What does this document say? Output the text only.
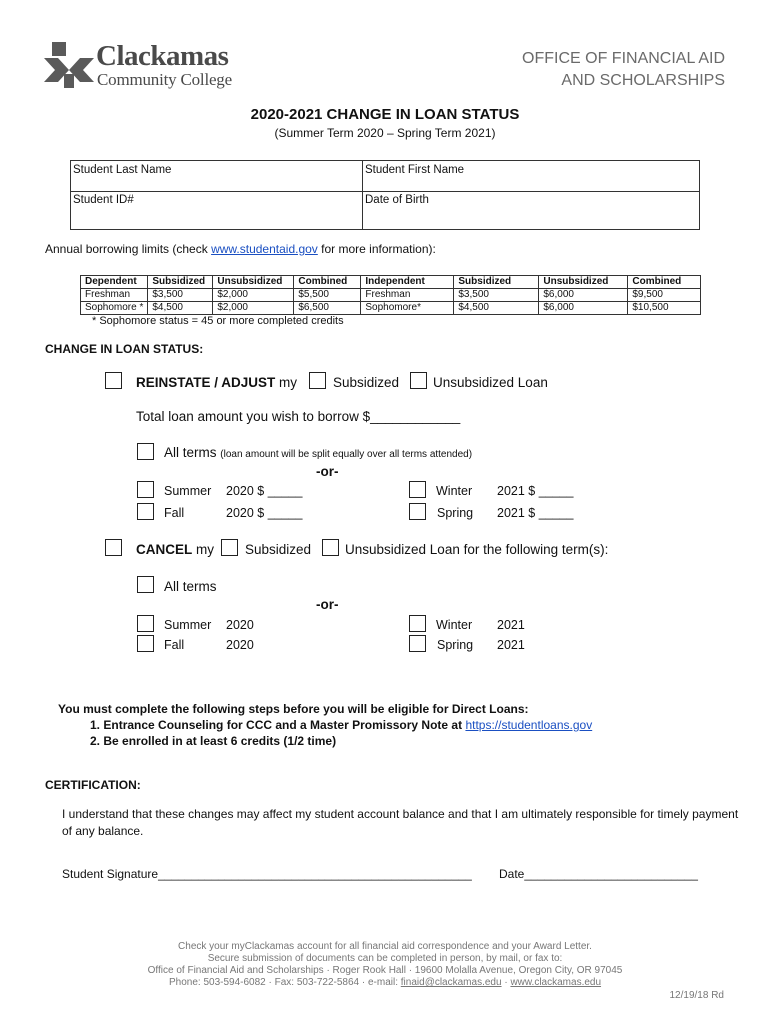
Clackamas
Community College
OFFICE OF FINANCIAL AID
AND SCHOLARSHIPS
2020-2021 CHANGE IN LOAN STATUS
(Summer Term 2020 – Spring Term 2021)
Student Last Name	Student First Name
Student ID#	Date of Birth
Annual borrowing limits (check www.studentaid.gov for more information):
Dependent	Subsidized	Unsubsidized	Combined	Independent	Subsidized	Unsubsidized	Combined
Freshman	$3,500	$2,000	$5,500	Freshman	$3,500	$6,000	$9,500
Sophomore *	$4,500	$2,000	$6,500	Sophomore*	$4,500	$6,000	$10,500
* Sophomore status = 45 or more completed credits
CHANGE IN LOAN STATUS:
REINSTATE / ADJUST my	Subsidized	Unsubsidized Loan
Total loan amount you wish to borrow $____________
All terms (loan amount will be split equally over all terms attended)
-or-
Summer 2020 $ _____
Fall	2020 $ _____
Winter 2021 $ _____
Spring 2021 $ _____
CANCEL my Subsidized	Unsubsidized Loan for the following term(s):
All terms
-or-
Summer 2020
Fall	2020
Winter 2021
Spring 2021
You must complete the following steps before you will be eligible for Direct Loans:
1. Entrance Counseling for CCC and a Master Promissory Note at https://studentloans.gov
2. Be enrolled in at least 6 credits (1/2 time)
CERTIFICATION:
I understand that these changes may affect my student account balance and that I am ultimately responsible for timely payment of any balance.
Student Signature_______________________________________________ Date__________________________
Check your myClackamas account for all financial aid correspondence and your Award Letter.
Secure submission of documents can be completed in person, by mail, or fax to:
Office of Financial Aid and Scholarships · Roger Rook Hall · 19600 Molalla Avenue, Oregon City, OR 97045
Phone: 503-594-6082 · Fax: 503-722-5864 · e-mail: finaid@clackamas.edu · www.clackamas.edu
12/19/18 Rd
